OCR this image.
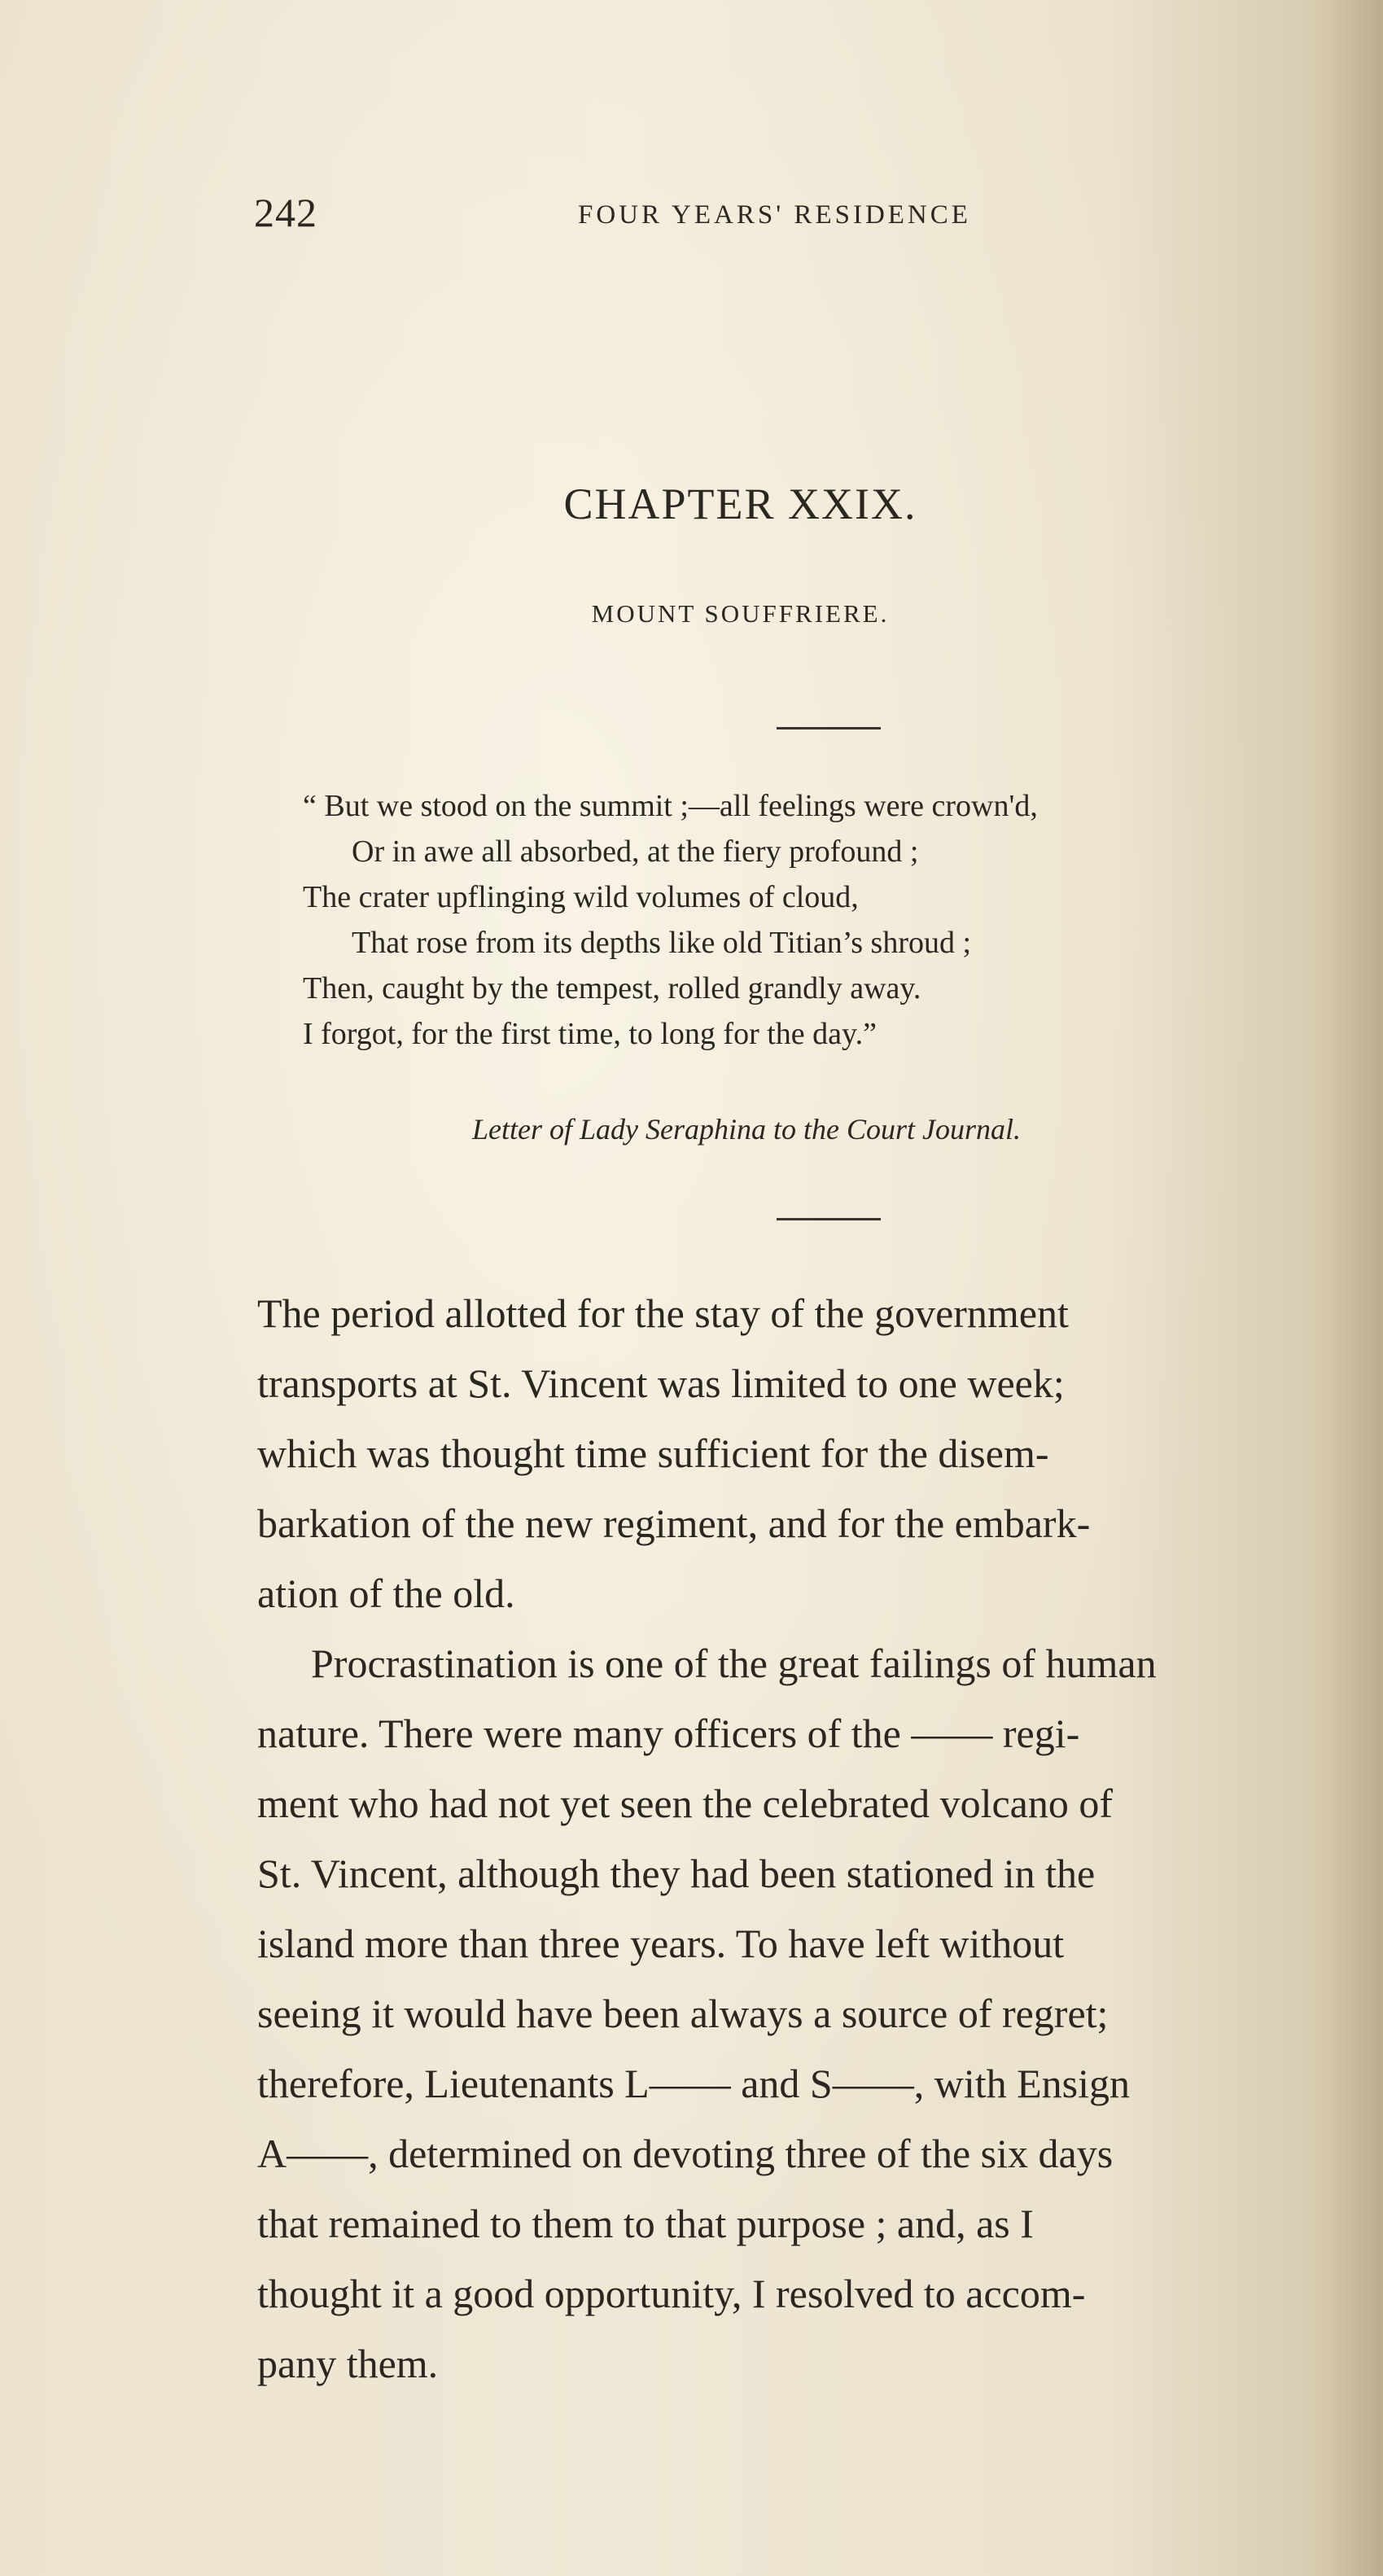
242	FOUR YEARS' RESIDENCE
CHAPTER XXIX.
MOUNT SOUFFRIERE.
“ But we stood on the summit ;—all feelings were crown'd,
Or in awe all absorbed, at the fiery profound ;
The crater upflinging wild volumes of cloud,
That rose from its depths like old Titian’s shroud ;
Then, caught by the tempest, rolled grandly away.
I forgot, for the first time, to long for the day.”
Letter of Lady Seraphina to the Court Journal.
The period allotted for the stay of the government
transports at St. Vincent was limited to one week;
which was thought time sufficient for the disem-
barkation of the new regiment, and for the embark-
ation of the old.
Procrastination is one of the great failings of human
nature. There were many officers of the —— regi-
ment who had not yet seen the celebrated volcano of
St. Vincent, although they had been stationed in the
island more than three years. To have left without
seeing it would have been always a source of regret;
therefore, Lieutenants L—— and S——, with Ensign
A——, determined on devoting three of the six days
that remained to them to that purpose ; and, as I
thought it a good opportunity, I resolved to accom-
pany them.
